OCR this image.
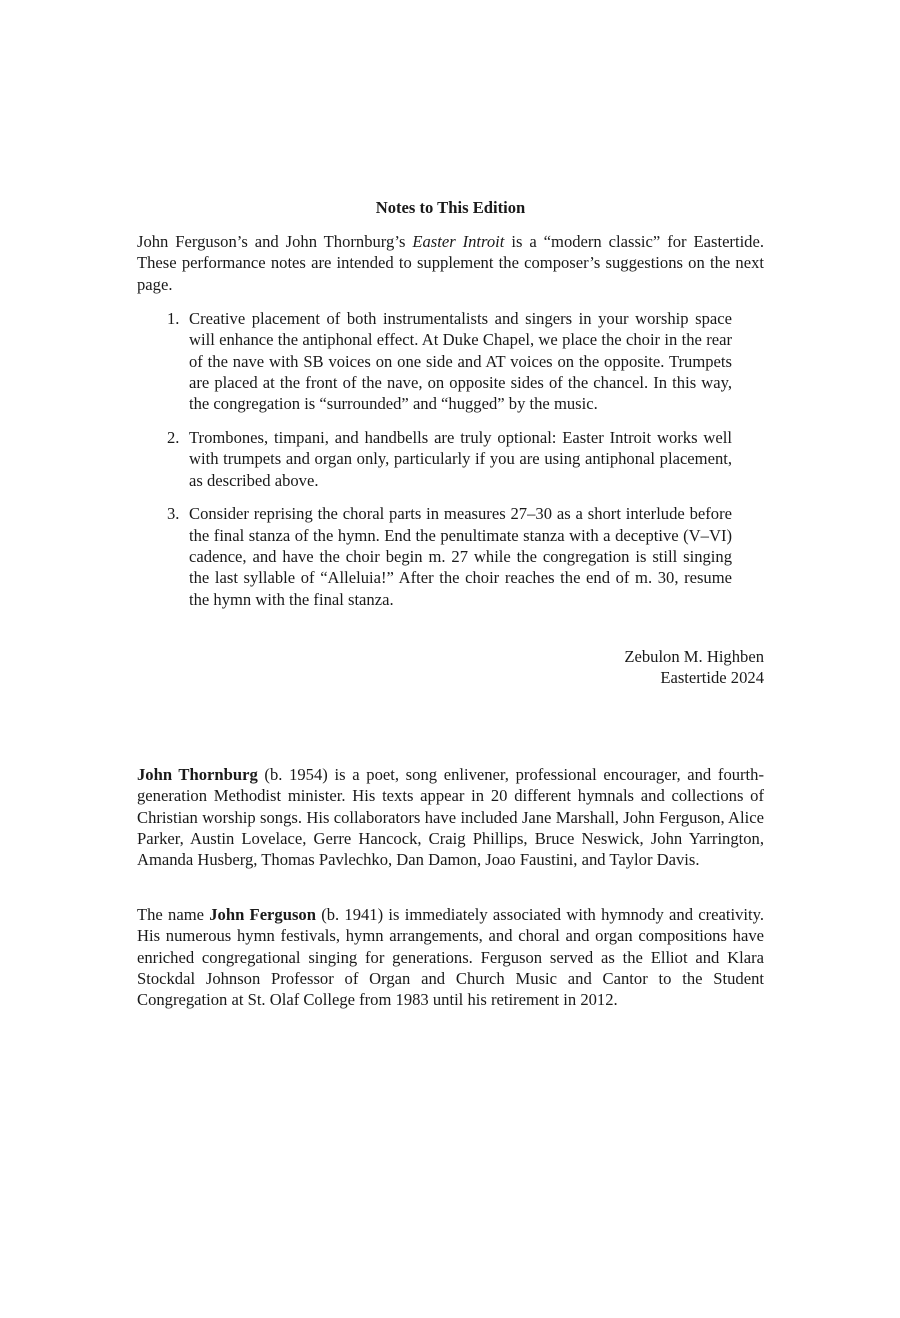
Notes to This Edition

John Ferguson’s and John Thornburg’s Easter Introit is a “modern classic” for Eastertide. These performance notes are intended to supplement the composer’s suggestions on the next page.

1. Creative placement of both instrumentalists and singers in your worship space will enhance the antiphonal effect. At Duke Chapel, we place the choir in the rear of the nave with SB voices on one side and AT voices on the opposite. Trumpets are placed at the front of the nave, on opposite sides of the chancel. In this way, the congregation is “surrounded” and “hugged” by the music.
2. Trombones, timpani, and handbells are truly optional: Easter Introit works well with trumpets and organ only, particularly if you are using antiphonal placement, as described above.
3. Consider reprising the choral parts in measures 27–30 as a short interlude before the final stanza of the hymn. End the penultimate stanza with a deceptive (V–VI) cadence, and have the choir begin m. 27 while the congregation is still singing the last syllable of “Alleluia!” After the choir reaches the end of m. 30, resume the hymn with the final stanza.
Zebulon M. Highben
Eastertide 2024

John Thornburg (b. 1954) is a poet, song enlivener, professional encourager, and fourth-generation Methodist minister. His texts appear in 20 different hymnals and collections of Christian worship songs. His collaborators have included Jane Marshall, John Ferguson, Alice Parker, Austin Lovelace, Gerre Hancock, Craig Phillips, Bruce Neswick, John Yarrington, Amanda Husberg, Thomas Pavlechko, Dan Damon, Joao Faustini, and Taylor Davis.

The name John Ferguson (b. 1941) is immediately associated with hymnody and creativity. His numerous hymn festivals, hymn arrangements, and choral and organ compositions have enriched congregational singing for generations. Ferguson served as the Elliot and Klara Stockdal Johnson Professor of Organ and Church Music and Cantor to the Student Congregation at St. Olaf College from 1983 until his retirement in 2012.
